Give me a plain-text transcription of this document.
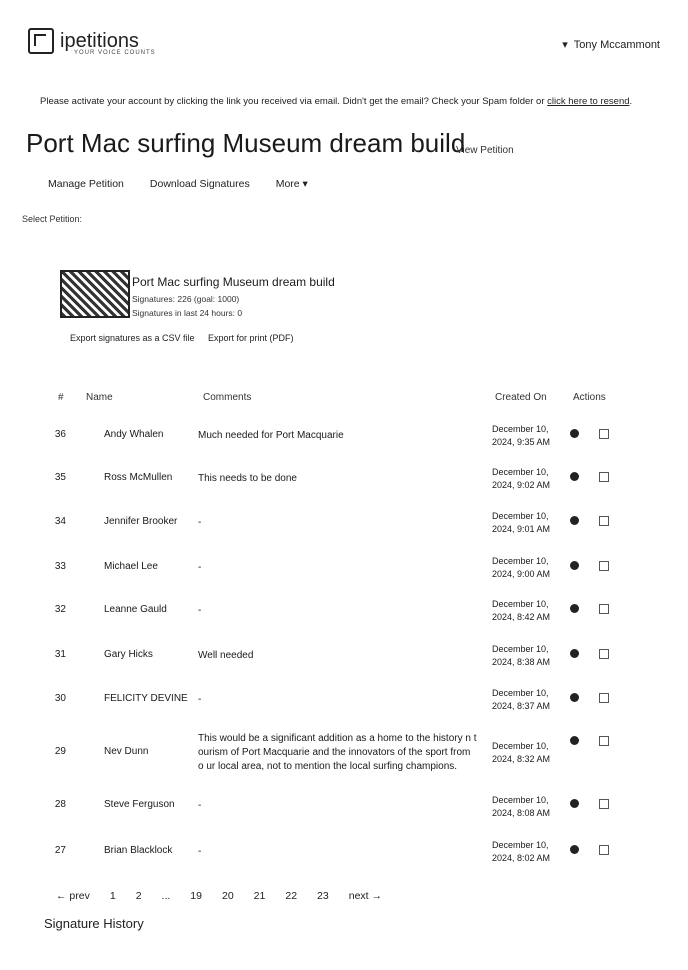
ipetitions
YOUR VOICE COUNTS
▾ Tony Mccammont
Please activate your account by clicking the link you received via email. Didn't get the email? Check your Spam folder or click here to resend.
Port Mac surfing Museum dream build
View Petition
Manage Petition Download Signatures More ▾
Select Petition:
Port Mac surfing Museum dream build
Signatures: 226 (goal: 1000)
Signatures in last 24 hours: 0
Export signatures as a CSV file Export for print (PDF)
# Name	Comments	Created On	Actions
36	Andy Whalen	Much needed for Port Macquarie
December 10,
2024, 9:35 AM
35	Ross McMullen	This needs to be done
December 10,
2024, 9:02 AM
34	Jennifer Brooker -
December 10,
2024, 9:01 AM
33	Michael Lee	-
December 10,
2024, 9:00 AM
32	Leanne Gauld	-
December 10,
2024, 8:42 AM
31	Gary Hicks	Well needed
December 10,
2024, 8:38 AM
30	FELICITY DEVINE -
December 10,
2024, 8:37 AM
29	Nev Dunn
This would be a significant addition as a home to the history n t ourism of Port Macquarie and the innovators of the sport from o ur local area, not to mention the local surfing champions.
December 10,
2024, 8:32 AM
28	Steve Ferguson -	December 10,
2024, 8:08 AM
27	Brian Blacklock	-
December 10,
2024, 8:02 AM
← prev 1 2 ... 19 20 21 22 23 next →
Signature History
